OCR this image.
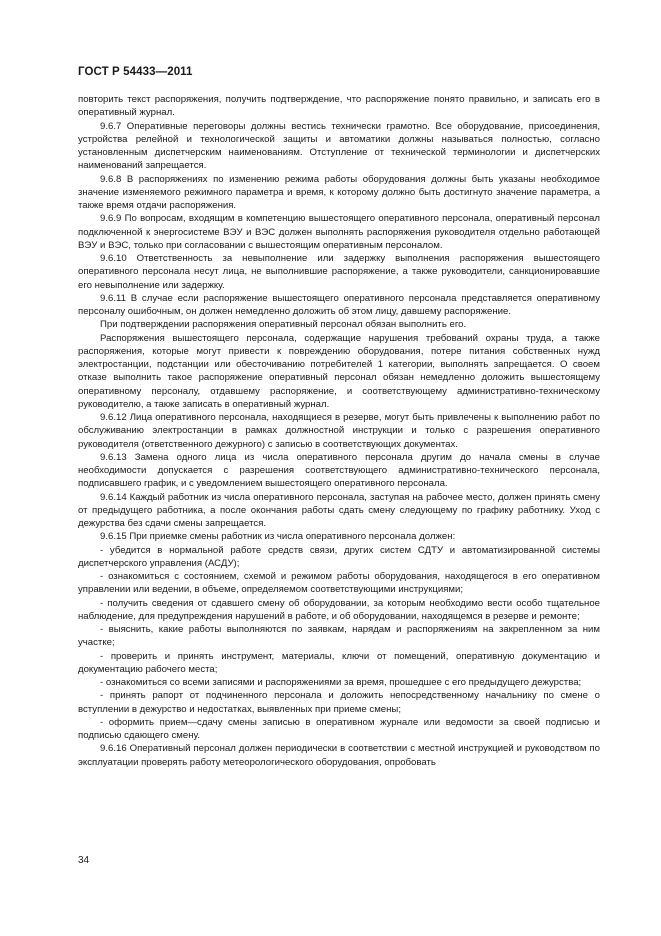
ГОСТ Р 54433—2011

повторить текст распоряжения, получить подтверждение, что распоряжение понято правильно, и записать его в оперативный журнал.

9.6.7 Оперативные переговоры должны вестись технически грамотно. Все оборудование, присоединения, устройства релейной и технологической защиты и автоматики должны называться полностью, согласно установленным диспетчерским наименованиям. Отступление от технической терминологии и диспетчерских наименований запрещается.

9.6.8 В распоряжениях по изменению режима работы оборудования должны быть указаны необходимое значение изменяемого режимного параметра и время, к которому должно быть достигнуто значение параметра, а также время отдачи распоряжения.

9.6.9 По вопросам, входящим в компетенцию вышестоящего оперативного персонала, оперативный персонал подключенной к энергосистеме ВЭУ и ВЭС должен выполнять распоряжения руководителя отдельно работающей ВЭУ и ВЭС, только при согласовании с вышестоящим оперативным персоналом.

9.6.10 Ответственность за невыполнение или задержку выполнения распоряжения вышестоящего оперативного персонала несут лица, не выполнившие распоряжение, а также руководители, санкционировавшие его невыполнение или задержку.

9.6.11 В случае если распоряжение вышестоящего оперативного персонала представляется оперативному персоналу ошибочным, он должен немедленно доложить об этом лицу, давшему распоряжение.

При подтверждении распоряжения оперативный персонал обязан выполнить его.

Распоряжения вышестоящего персонала, содержащие нарушения требований охраны труда, а также распоряжения, которые могут привести к повреждению оборудования, потере питания собственных нужд электростанции, подстанции или обесточиванию потребителей 1 категории, выполнять запрещается. О своем отказе выполнить такое распоряжение оперативный персонал обязан немедленно доложить вышестоящему оперативному персоналу, отдавшему распоряжение, и соответствующему административно-техническому руководителю, а также записать в оперативный журнал.

9.6.12 Лица оперативного персонала, находящиеся в резерве, могут быть привлечены к выполнению работ по обслуживанию электростанции в рамках должностной инструкции и только с разрешения оперативного руководителя (ответственного дежурного) с записью в соответствующих документах.

9.6.13 Замена одного лица из числа оперативного персонала другим до начала смены в случае необходимости допускается с разрешения соответствующего административно-технического персонала, подписавшего график, и с уведомлением вышестоящего оперативного персонала.

9.6.14 Каждый работник из числа оперативного персонала, заступая на рабочее место, должен принять смену от предыдущего работника, а после окончания работы сдать смену следующему по графику работнику. Уход с дежурства без сдачи смены запрещается.

9.6.15 При приемке смены работник из числа оперативного персонала должен:

- убедится в нормальной работе средств связи, других систем СДТУ и автоматизированной системы диспетчерского управления (АСДУ);

- ознакомиться с состоянием, схемой и режимом работы оборудования, находящегося в его оперативном управлении или ведении, в объеме, определяемом соответствующими инструкциями;

- получить сведения от сдавшего смену об оборудовании, за которым необходимо вести особо тщательное наблюдение, для предупреждения нарушений в работе, и об оборудовании, находящемся в резерве и ремонте;

- выяснить, какие работы выполняются по заявкам, нарядам и распоряжениям на закрепленном за ним участке;

- проверить и принять инструмент, материалы, ключи от помещений, оперативную документацию и документацию рабочего места;

- ознакомиться со всеми записями и распоряжениями за время, прошедшее с его предыдущего дежурства;

- принять рапорт от подчиненного персонала и доложить непосредственному начальнику по смене о вступлении в дежурство и недостатках, выявленных при приеме смены;

- оформить прием—сдачу смены записью в оперативном журнале или ведомости за своей подписью и подписью сдающего смену.

9.6.16 Оперативный персонал должен периодически в соответствии с местной инструкцией и руководством по эксплуатации проверять работу метеорологического оборудования, опробовать

34
